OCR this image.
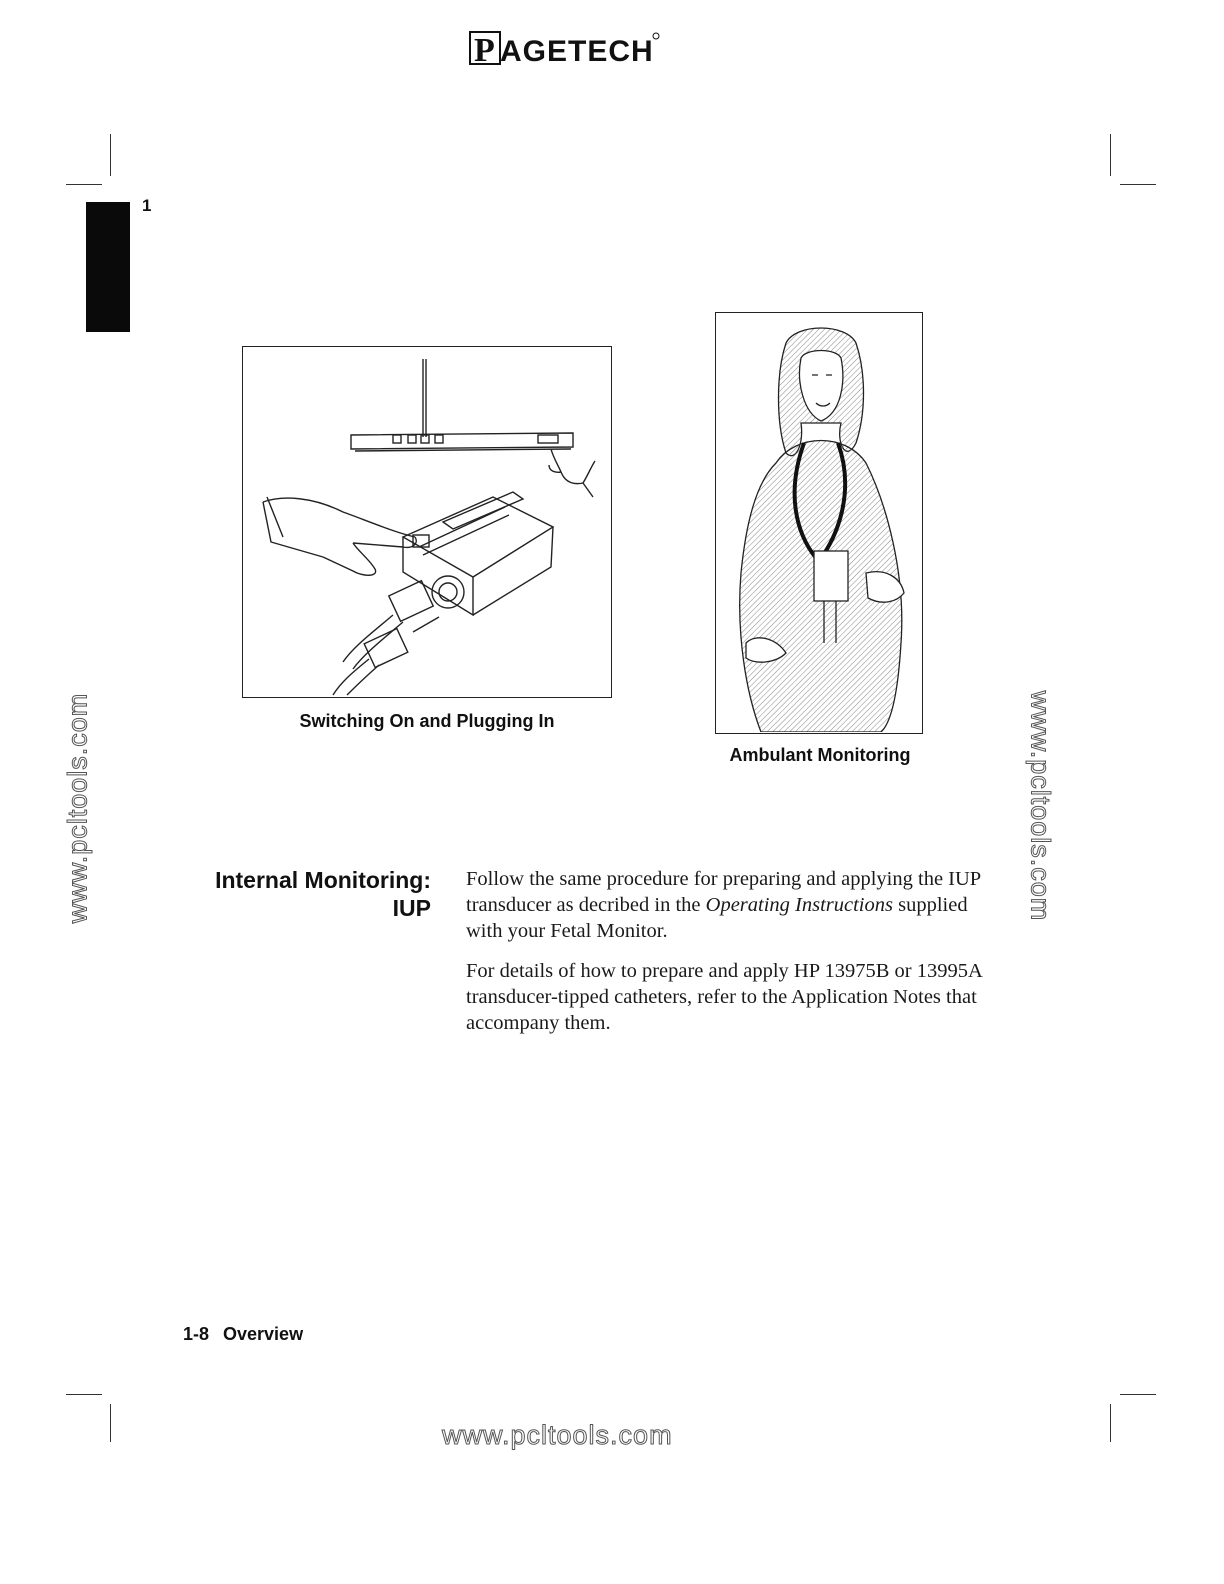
P AGETECH
1
Switching On and Plugging In
Ambulant Monitoring
www.pcltools.com	www.pcltools.com
www.pcltools.com
Internal Monitoring:
IUP

Follow the same procedure for preparing and applying the IUP transducer as decribed in the Operating Instructions supplied with your Fetal Monitor.

For details of how to prepare and apply HP 13975B or 13995A transducer-tipped catheters, refer to the Application Notes that accompany them.

1-8 Overview
